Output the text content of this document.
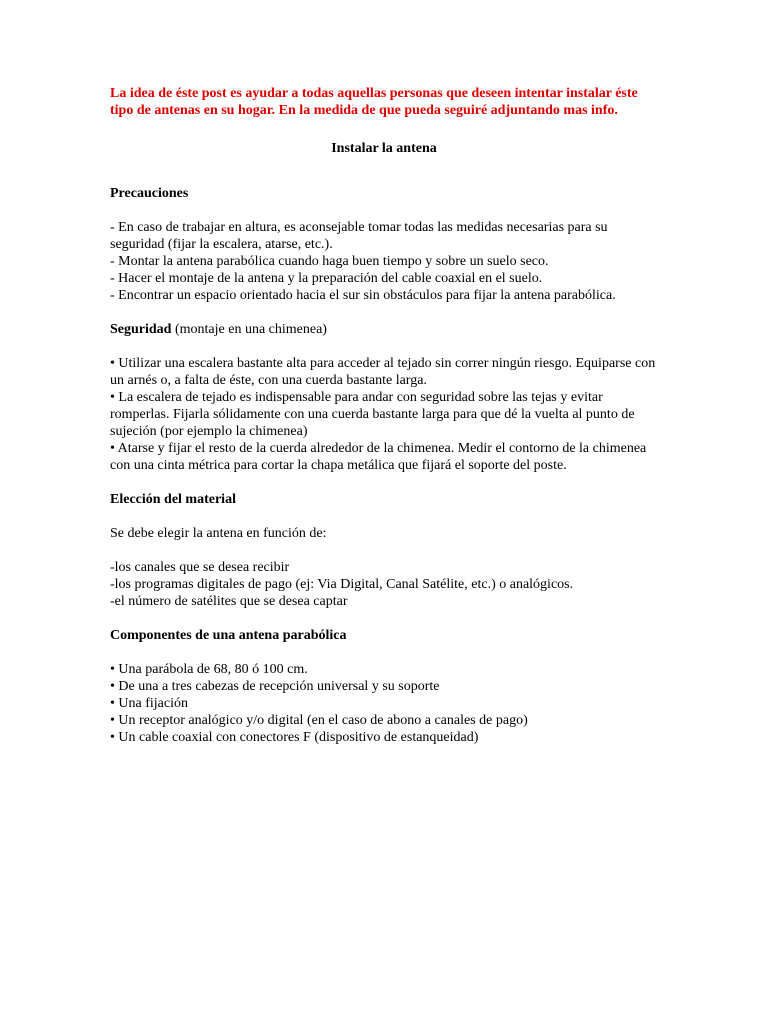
La idea de éste post es ayudar a todas aquellas personas que deseen intentar instalar éste tipo de antenas en su hogar. En la medida de que pueda seguiré adjuntando mas info.

Instalar la antena

Precauciones

- En caso de trabajar en altura, es aconsejable tomar todas las medidas necesarias para su seguridad (fijar la escalera, atarse, etc.).
- Montar la antena parabólica cuando haga buen tiempo y sobre un suelo seco.
- Hacer el montaje de la antena y la preparación del cable coaxial en el suelo.
- Encontrar un espacio orientado hacia el sur sin obstáculos para fijar la antena parabólica.

Seguridad (montaje en una chimenea)

• Utilizar una escalera bastante alta para acceder al tejado sin correr ningún riesgo. Equiparse con un arnés o, a falta de éste, con una cuerda bastante larga.
• La escalera de tejado es indispensable para andar con seguridad sobre las tejas y evitar romperlas. Fijarla sólidamente con una cuerda bastante larga para que dé la vuelta al punto de sujeción (por ejemplo la chimenea)
• Atarse y fijar el resto de la cuerda alrededor de la chimenea. Medir el contorno de la chimenea con una cinta métrica para cortar la chapa metálica que fijará el soporte del poste.

Elección del material

Se debe elegir la antena en función de:

-los canales que se desea recibir
-los programas digitales de pago (ej: Via Digital, Canal Satélite, etc.) o analógicos.
-el número de satélites que se desea captar

Componentes de una antena parabólica

• Una parábola de 68, 80 ó 100 cm.
• De una a tres cabezas de recepción universal y su soporte
• Una fijación
• Un receptor analógico y/o digital (en el caso de abono a canales de pago)
• Un cable coaxial con conectores F (dispositivo de estanqueidad)
